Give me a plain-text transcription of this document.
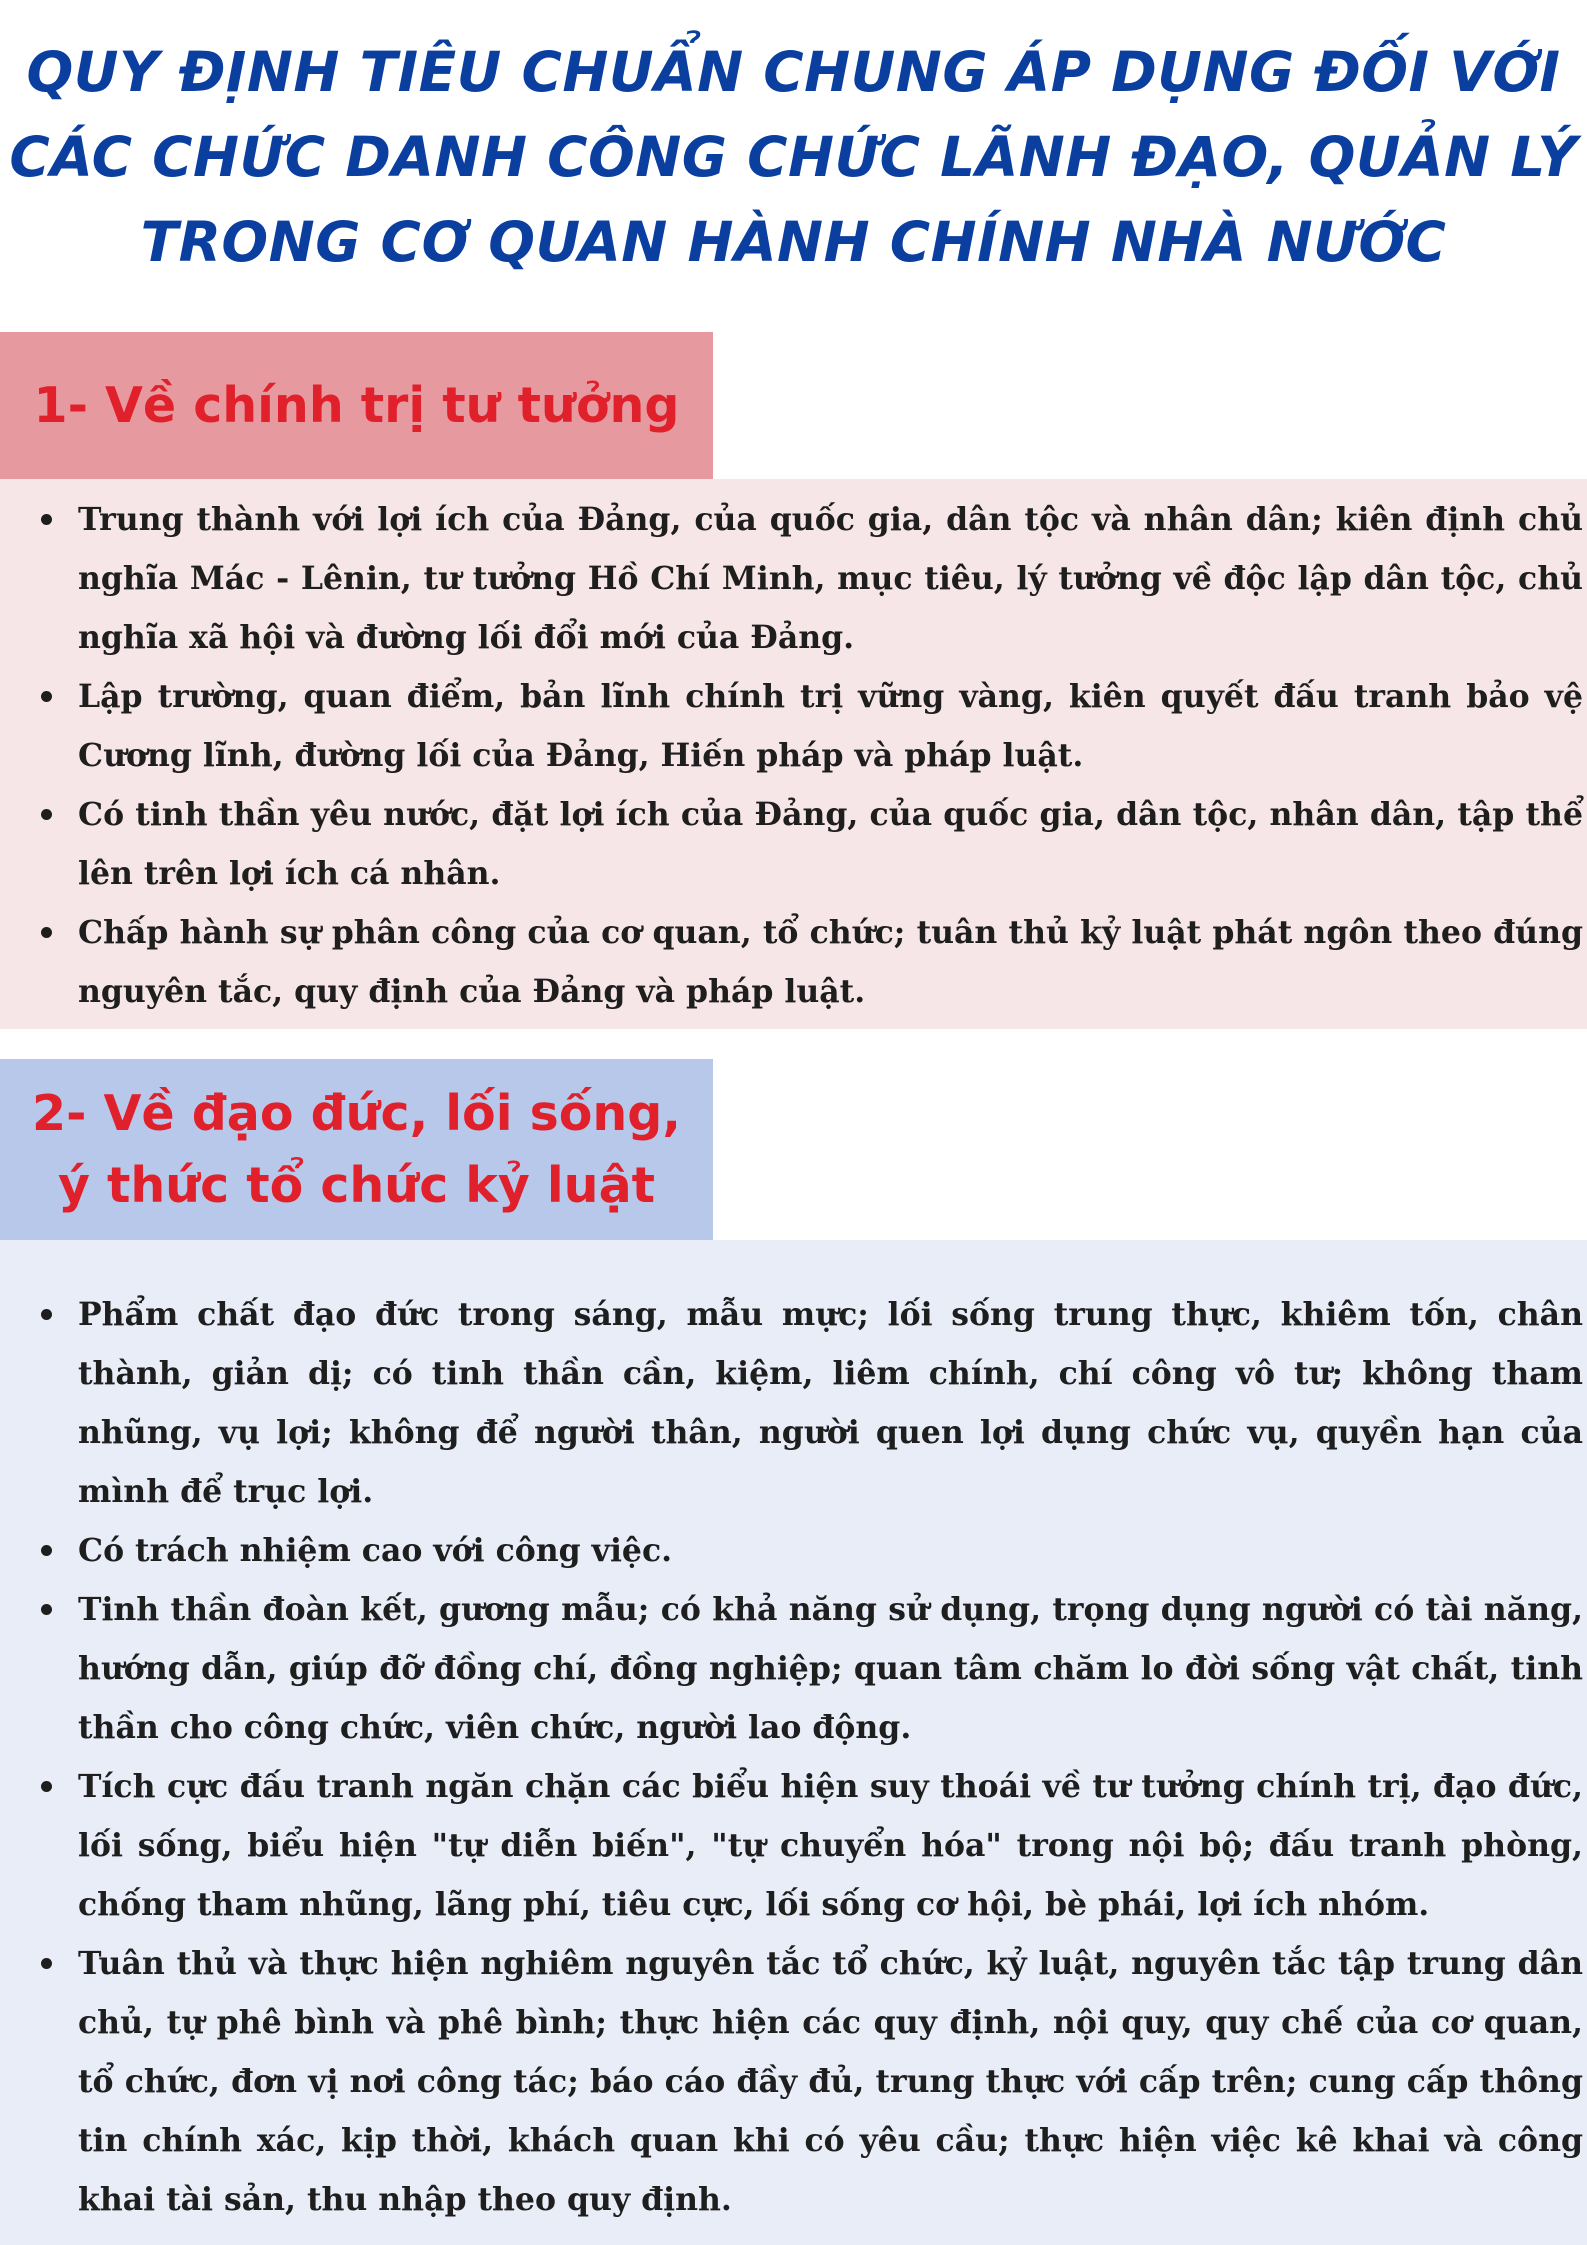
QUY ĐỊNH TIÊU CHUẨN CHUNG ÁP DỤNG ĐỐI VỚI
CÁC CHỨC DANH CÔNG CHỨC LÃNH ĐẠO, QUẢN LÝ
TRONG CƠ QUAN HÀNH CHÍNH NHÀ NƯỚC
1- Về chính trị tư tưởng
Trung thành với lợi ích của Đảng, của quốc gia, dân tộc và nhân dân; kiên định chủ nghĩa Mác - Lênin, tư tưởng Hồ Chí Minh, mục tiêu, lý tưởng về độc lập dân tộc, chủ nghĩa xã hội và đường lối đổi mới của Đảng.
Lập trường, quan điểm, bản lĩnh chính trị vững vàng, kiên quyết đấu tranh bảo vệ Cương lĩnh, đường lối của Đảng, Hiến pháp và pháp luật.
Có tinh thần yêu nước, đặt lợi ích của Đảng, của quốc gia, dân tộc, nhân dân, tập thể lên trên lợi ích cá nhân.
Chấp hành sự phân công của cơ quan, tổ chức; tuân thủ kỷ luật phát ngôn theo đúng nguyên tắc, quy định của Đảng và pháp luật.
2- Về đạo đức, lối sống,
ý thức tổ chức kỷ luật
Phẩm chất đạo đức trong sáng, mẫu mực; lối sống trung thực, khiêm tốn, chân thành, giản dị; có tinh thần cần, kiệm, liêm chính, chí công vô tư; không tham nhũng, vụ lợi; không để người thân, người quen lợi dụng chức vụ, quyền hạn của mình để trục lợi.
Có trách nhiệm cao với công việc.
Tinh thần đoàn kết, gương mẫu; có khả năng sử dụng, trọng dụng người có tài năng, hướng dẫn, giúp đỡ đồng chí, đồng nghiệp; quan tâm chăm lo đời sống vật chất, tinh thần cho công chức, viên chức, người lao động.
Tích cực đấu tranh ngăn chặn các biểu hiện suy thoái về tư tưởng chính trị, đạo đức, lối sống, biểu hiện "tự diễn biến", "tự chuyển hóa" trong nội bộ; đấu tranh phòng, chống tham nhũng, lãng phí, tiêu cực, lối sống cơ hội, bè phái, lợi ích nhóm.
Tuân thủ và thực hiện nghiêm nguyên tắc tổ chức, kỷ luật, nguyên tắc tập trung dân chủ, tự phê bình và phê bình; thực hiện các quy định, nội quy, quy chế của cơ quan, tổ chức, đơn vị nơi công tác; báo cáo đầy đủ, trung thực với cấp trên; cung cấp thông tin chính xác, kịp thời, khách quan khi có yêu cầu; thực hiện việc kê khai và công khai tài sản, thu nhập theo quy định.
